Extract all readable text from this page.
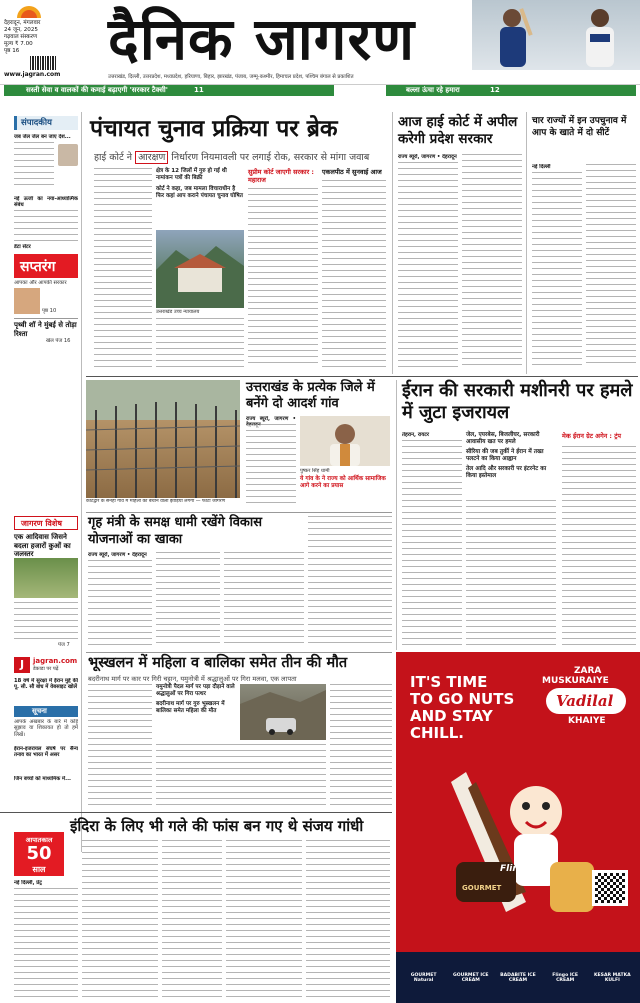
देहरादून, मंगलवार
24 जून, 2025
गढ़वाल संस्करण
मूल्य ₹ 7.00
पृष्ठ 16
www.jagran.com
दैनिक जागरण
उत्तराखंड, दिल्ली, उत्तरप्रदेश, मध्यप्रदेश, हरियाणा, बिहार, झारखंड, पंजाब, जम्मू-कश्मीर, हिमाचल प्रदेश, पश्चिम बंगाल से प्रकाशित
सस्ती सेवा व वालकों की कमाई बढ़ाएगी 'सरकार टैक्सी'	11	बल्ला ऊंचा रहे हमारा	12
संपादकीय
जब जेल जेल बन जाए देश...
नई ऊर्जा का नया-आध्यात्मिक संबंध
डेटा सेंटर
सप्तरंग
आपका और आपकी सरकार
पृष्ठ 10
पृथ्वी शॉ ने मुंबई से तोड़ा रिश्ता
खेल पेज 16
जागरण विशेष
एक आदिवास जिसने बदला हजारों कुओं का जलस्तर
पेज 7
J	jagran.com
डेकाडा पर पढ़ें
18 वर्ष में सुरक्षा में ईरान मुद्दे की पू. सी. सौ बांध में वेबसाइट खोलें
सूचना
आपके अखबार के बारे में कोई सुझाव या शिकायत हो तो हमें लिखें।
ईरान-इजरायल संघर्ष पर सैन्य तनाव का भारत में असर
जिन बच्चों को माध्यमिक में...
पंचायत चुनाव प्रक्रिया पर ब्रेक
हाई कोर्ट ने आरक्षण निर्धारण नियमावली पर लगाई रोक, सरकार से मांगा जवाब
क्षेत्र के 12 जिलों में गुरु हो गई थी नामांकन पत्रों की बिक्री
कोर्ट ने कहा, जब मामला विचाराधीन है फिर कहां आप कराने पंचायत चुनाव घोषित
उत्तराखंड उच्च न्यायालय
सुप्रीम कोर्ट जाएगी सरकार : महाराज
एकलपीठ में सुनवाई आज
आज हाई कोर्ट में अपील करेगी प्रदेश सरकार
राज्य ब्यूरो, जागरण • देहरादून
चार राज्यों में इन उपचुनाव में आप के खाते में दो सीटें
नई दिल्ली
कोटद्वार के सनेही गांव में महिला को बचाने वाली झाड़ियां लगेगी — फोटो जागरण
उत्तराखंड के प्रत्येक जिले में बनेंगे दो आदर्श गांव
राज्य ब्यूरो, जागरण •
पुष्कर सिंह धामी
ये गांव के ने राज्य को आर्थिक सामाजिक आगे करने का प्रयास
ईरान की सरकारी मशीनरी पर हमले में जुटा इजरायल
तेहरान, रायटर	जेल, एयरबेस, बिजलीघर, सरकारी आवासीय खत पर हमले
सीरिया की जब तुर्की ने ईरान में तख्त पलटने का किया आह्वान
तेल आदि और सरकारी पर इंटरनेट का किया इस्तेमाल
मेक ईरान ग्रेट अगेन : ट्रंप
गृह मंत्री के समक्ष धामी रखेंगे विकास योजनाओं का खाका
राज्य ब्यूरो, जागरण • देहरादून
भूस्खलन में महिला व बालिका समेत तीन की मौत
बदरीनाथ मार्ग पर कार पर गिरी चट्टान, यमुनोत्री में श्रद्धालुओं पर गिरा मलवा, एक लापता
यमुनोत्री पैदल मार्ग पर पड़ा दौड़ाने वाले श्रद्धालुओं पर गिरा पत्थर
बदरीनाथ मार्ग पर गुरु भूस्खलन में बालिका समेत महिला की मौत
आपातकाल
50
साल
इंदिरा के लिए भी गले की फांस बन गए थे संजय गांधी
नई दिल्ली, प्रेट्र
IT'S TIME
TO GO NUTS
AND STAY
CHILL.
ZARA
MUSKURAIYE
Vadilal
KHAIYE
Flingo
GOURMET
GOURMET Natural
GOURMET ICE CREAM
BADABITE ICE CREAM
Flingo ICE CREAM
KESAR MATKA KULFI
